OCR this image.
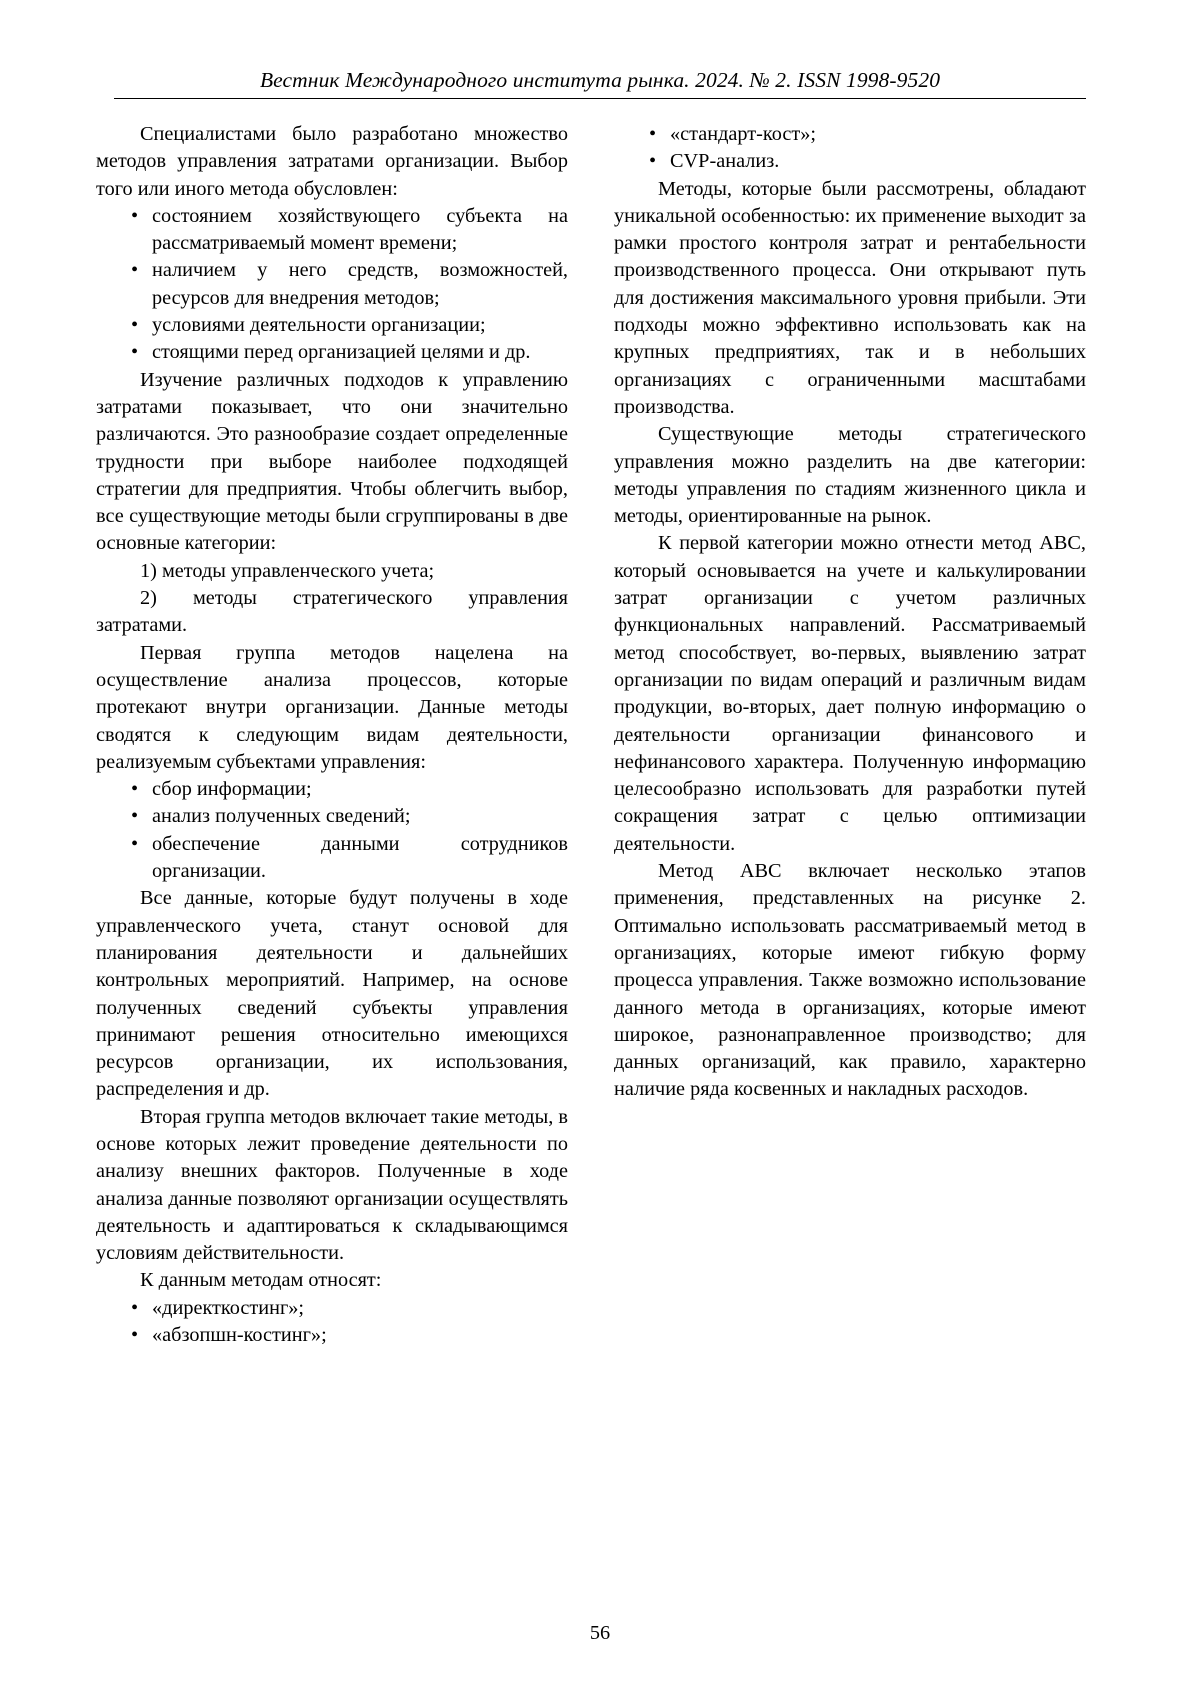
Вестник Международного института рынка. 2024. № 2. ISSN 1998-9520

Специалистами было разработано множество методов управления затратами организации. Выбор того или иного метода обусловлен:

• состоянием хозяйствующего субъекта на рассматриваемый момент времени;
• наличием у него средств, возможностей, ресурсов для внедрения методов;
• условиями деятельности организации;
• стоящими перед организацией целями и др.

Изучение различных подходов к управлению затратами показывает, что они значительно различаются. Это разнообразие создает определенные трудности при выборе наиболее подходящей стратегии для предприятия. Чтобы облегчить выбор, все существующие методы были сгруппированы в две основные категории:

1) методы управленческого учета;

2) методы стратегического управления затратами.

Первая группа методов нацелена на осуществление анализа процессов, которые протекают внутри организации. Данные методы сводятся к следующим видам деятельности, реализуемым субъектами управления:

• сбор информации;
• анализ полученных сведений;
• обеспечение данными сотрудников организации.

Все данные, которые будут получены в ходе управленческого учета, станут основой для планирования деятельности и дальнейших контрольных мероприятий. Например, на основе полученных сведений субъекты управления принимают решения относительно имеющихся ресурсов организации, их использования, распределения и др.

Вторая группа методов включает такие методы, в основе которых лежит проведение деятельности по анализу внешних факторов. Полученные в ходе анализа данные позволяют организации осуществлять деятельность и адаптироваться к складывающимся условиям действительности.

К данным методам относят:

• «директкостинг»;
• «абзопшн-костинг»;
• «стандарт-кост»;
• CVP-анализ.

Методы, которые были рассмотрены, обладают уникальной особенностью: их применение выходит за рамки простого контроля затрат и рентабельности производственного процесса. Они открывают путь для достижения максимального уровня прибыли. Эти подходы можно эффективно использовать как на крупных предприятиях, так и в небольших организациях с ограниченными масштабами производства.

Существующие методы стратегического управления можно разделить на две категории: методы управления по стадиям жизненного цикла и методы, ориентированные на рынок.

К первой категории можно отнести метод АВС, который основывается на учете и калькулировании затрат организации с учетом различных функциональных направлений. Рассматриваемый метод способствует, во-первых, выявлению затрат организации по видам операций и различным видам продукции, во-вторых, дает полную информацию о деятельности организации финансового и нефинансового характера. Полученную информацию целесообразно использовать для разработки путей сокращения затрат с целью оптимизации деятельности.

Метод АВС включает несколько этапов применения, представленных на рисунке 2. Оптимально использовать рассматриваемый метод в организациях, которые имеют гибкую форму процесса управления. Также возможно использование данного метода в организациях, которые имеют широкое, разнонаправленное производство; для данных организаций, как правило, характерно наличие ряда косвенных и накладных расходов.

56
